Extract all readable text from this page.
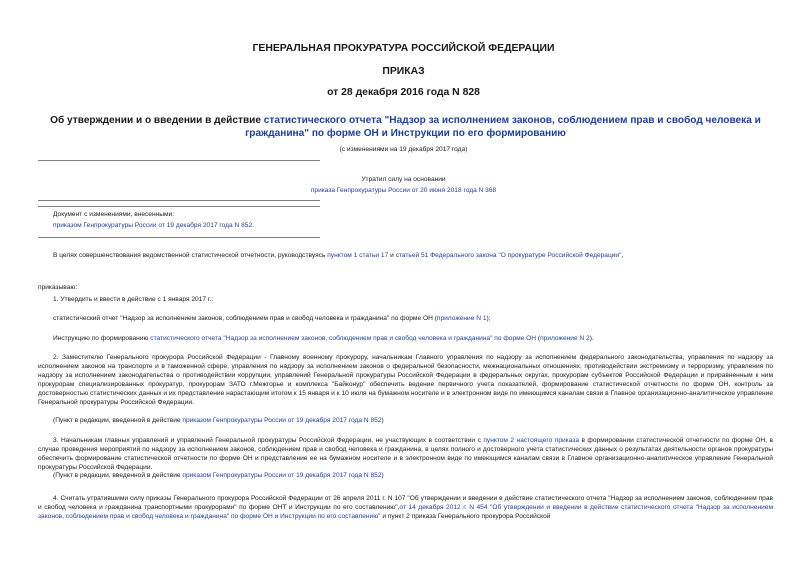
ГЕНЕРАЛЬНАЯ ПРОКУРАТУРА РОССИЙСКОЙ ФЕДЕРАЦИИ
ПРИКАЗ
от 28 декабря 2016 года N 828
Об утверждении и о введении в действие статистического отчета "Надзор за исполнением законов, соблюдением прав и свобод человека и гражданина" по форме ОН и Инструкции по его формированию
(с изменениями на 19 декабря 2017 года)
Утратил силу на основании
приказа Генпрокуратуры России от 20 июня 2018 года N 368
Документ с изменениями, внесенными:
приказом Генпрокуратуры России от 19 декабря 2017 года N 852.
В целях совершенствования ведомственной статистической отчетности, руководствуясь пунктом 1 статьи 17 и статьей 51 Федерального закона "О прокуратуре Российской Федерации",
приказываю:
1. Утвердить и ввести в действие с 1 января 2017 г.:
статистический отчет "Надзор за исполнением законов, соблюдением прав и свобод человека и гражданина" по форме ОН (приложение N 1);
Инструкцию по формированию статистического отчета "Надзор за исполнением законов, соблюдением прав и свобод человека и гражданина" по форме ОН (приложение N 2).
2. Заместителю Генерального прокурора Российской Федерации - Главному военному прокурору, начальникам Главного управления по надзору за исполнением федерального законодательства, управления по надзору за исполнением законов на транспорте и в таможенной сфере, управления по надзору за исполнением законов о федеральной безопасности, межнациональных отношениях, противодействии экстремизму и терроризму, управления по надзору за исполнением законодательства о противодействии коррупции, управлений Генеральной прокуратуры Российской Федерации в федеральных округах, прокурорам субъектов Российской Федерации и приравненным к ним прокурорам специализированных прокуратур, прокурорам ЗАТО г.Межгорье и комплекса "Байконур" обеспечить ведение первичного учета показателей, формирование статистической отчетности по форме ОН, контроль за достоверностью статистических данных и их представление нарастающим итогом к 15 января и к 10 июля на бумажном носителе и в электронном виде по имеющимся каналам связи в Главное организационно-аналитическое управление Генеральной прокуратуры Российской Федерации.
(Пункт в редакции, введенной в действие приказом Генпрокуратуры России от 19 декабря 2017 года N 852)
3. Начальникам главных управлений и управлений Генеральной прокуратуры Российской Федерации, не участвующих в соответствии с пунктом 2 настоящего приказа в формировании статистической отчетности по форме ОН, в случае проведения мероприятий по надзору за исполнением законов, соблюдением прав и свобод человека и гражданина, в целях полного и достоверного учета статистических данных о результатах деятельности органов прокуратуры обеспечить формирование статистической отчетности по форме ОН и представление ее на бумажном носителе и в электронном виде по имеющимся каналам связи в Главное организационно-аналитическое управление Генеральной прокуратуры Российской Федерации.
(Пункт в редакции, введенной в действие приказом Генпрокуратуры России от 19 декабря 2017 года N 852)
4. Считать утратившими силу приказы Генерального прокурора Российской Федерации от 26 апреля 2011 г. N 107 "Об утверждении и введении в действие статистического отчета "Надзор за исполнением законов, соблюдением прав и свобод человека и гражданина транспортными прокурорами" по форме ОНТ и Инструкции по его составлению",от 14 декабря 2012 г. N 454 "Об утверждении и введении в действие статистического отчета "Надзор за исполнением законов, соблюдением прав и свобод человека и гражданина" по форме ОН и Инструкции по его составлению" и пункт 2 приказа Генерального прокурора Российской
